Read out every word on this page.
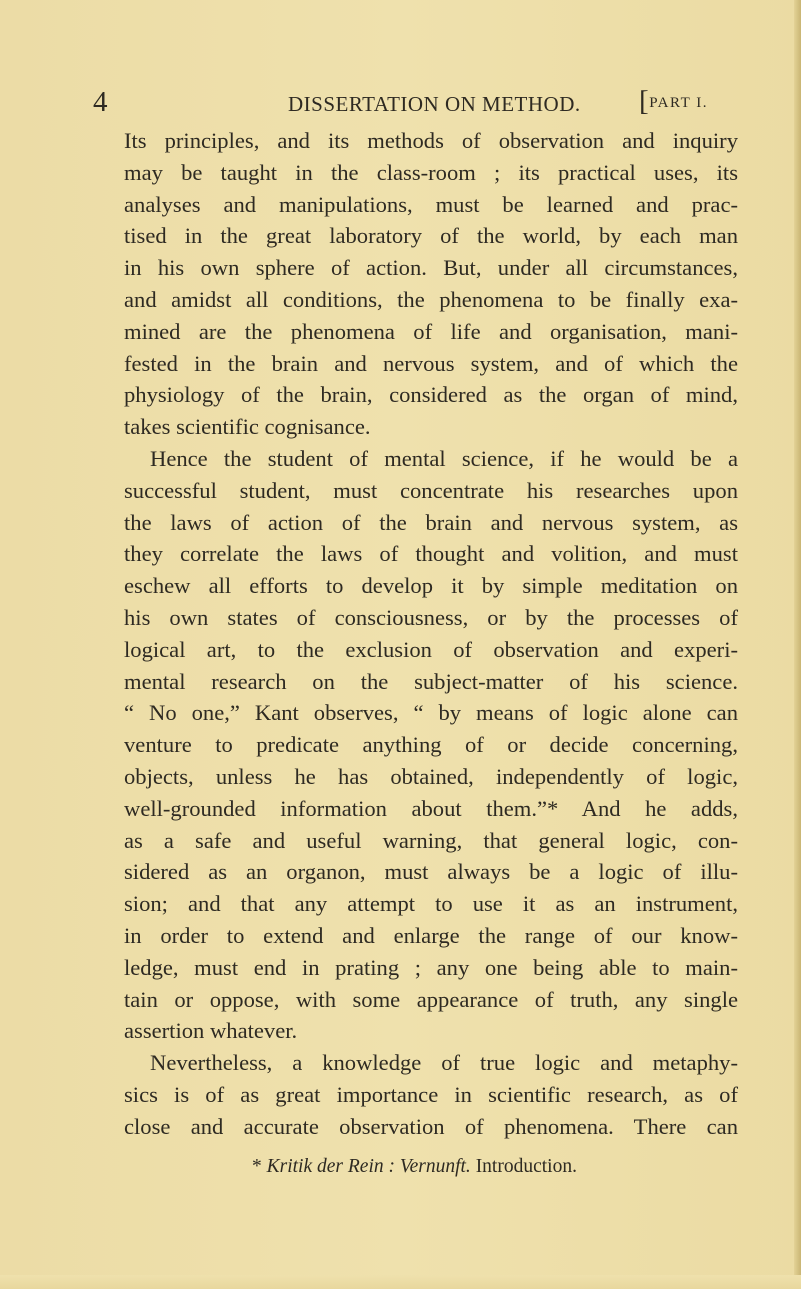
4	DISSERTATION ON METHOD. [PART I.
Its principles, and its methods of observation and inquiry
may be taught in the class-room ; its practical uses, its
analyses and manipulations, must be learned and prac-
tised in the great laboratory of the world, by each man
in his own sphere of action. But, under all circumstances,
and amidst all conditions, the phenomena to be finally exa-
mined are the phenomena of life and organisation, mani-
fested in the brain and nervous system, and of which the
physiology of the brain, considered as the organ of mind,
takes scientific cognisance.
Hence the student of mental science, if he would be a
successful student, must concentrate his researches upon
the laws of action of the brain and nervous system, as
they correlate the laws of thought and volition, and must
eschew all efforts to develop it by simple meditation on
his own states of consciousness, or by the processes of
logical art, to the exclusion of observation and experi-
mental research on the subject-matter of his science.
“ No one,” Kant observes, “ by means of logic alone can
venture to predicate anything of or decide concerning,
objects, unless he has obtained, independently of logic,
well-grounded information about them.”* And he adds,
as a safe and useful warning, that general logic, con-
sidered as an organon, must always be a logic of illu-
sion; and that any attempt to use it as an instrument,
in order to extend and enlarge the range of our know-
ledge, must end in prating ; any one being able to main-
tain or oppose, with some appearance of truth, any single
assertion whatever.
Nevertheless, a knowledge of true logic and metaphy-
sics is of as great importance in scientific research, as of
close and accurate observation of phenomena. There can
* Kritik der Rein : Vernunft. Introduction.
